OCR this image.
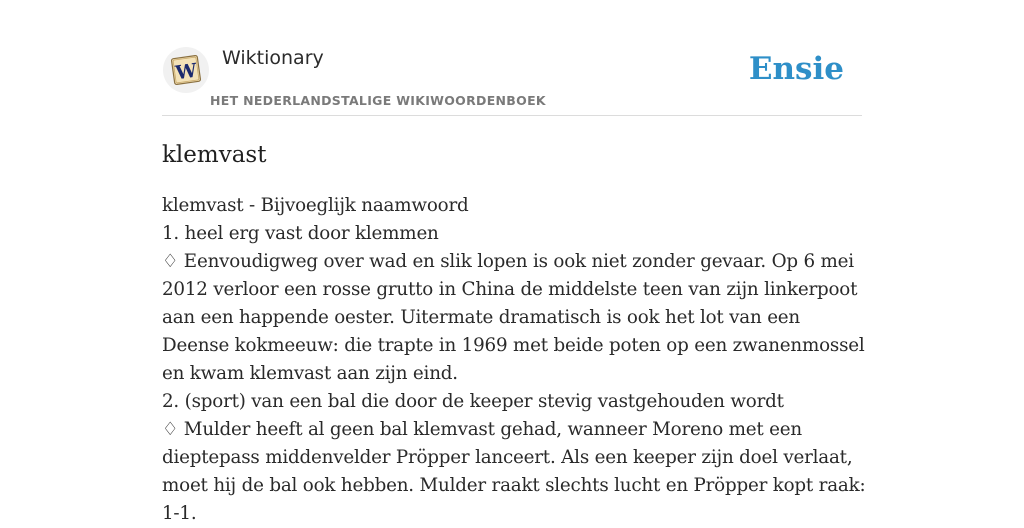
W
Wiktionary
HET NEDERLANDSTALIGE WIKIWOORDENBOEK
Ensie
klemvast

klemvast - Bijvoeglijk naamwoord

1. heel erg vast door klemmen

♢ Eenvoudigweg over wad en slik lopen is ook niet zonder gevaar. Op 6 mei 2012 verloor een rosse grutto in China de middelste teen van zijn linkerpoot aan een happende oester. Uitermate dramatisch is ook het lot van een Deense kokmeeuw: die trapte in 1969 met beide poten op een zwanenmossel en kwam klemvast aan zijn eind.

2. (sport) van een bal die door de keeper stevig vastgehouden wordt

♢ Mulder heeft al geen bal klemvast gehad, wanneer Moreno met een dieptepass middenvelder Pröpper lanceert. Als een keeper zijn doel verlaat, moet hij de bal ook hebben. Mulder raakt slechts lucht en Pröpper kopt raak: 1-1.
